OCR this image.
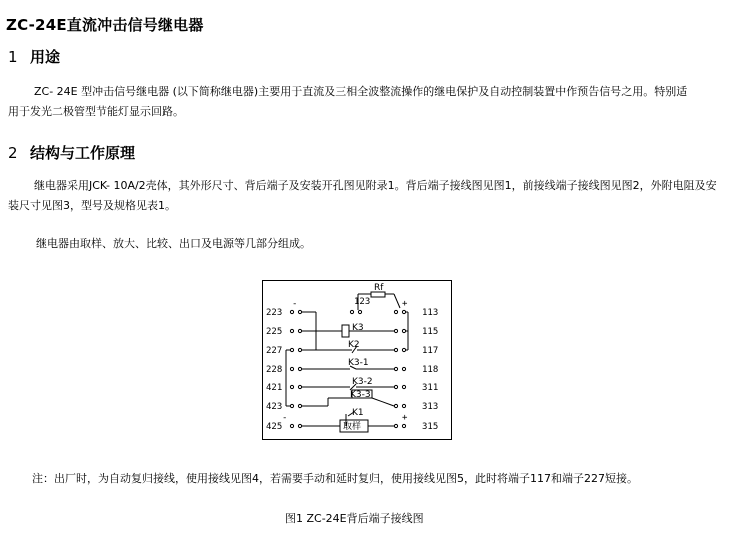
ZC-24E直流冲击信号继电器
1 用途
ZC- 24E 型冲击信号继电器 (以下简称继电器)主要用于直流及三相全波整流操作的继电保护及自动控制装置中作预告信号之用。特别适用于发光二极管型节能灯显示回路。
2 结构与工作原理
继电器采用JCK- 10A/2壳体，其外形尺寸、背后端子及安装开孔图见附录1。背后端子接线图见图1，前接线端子接线图见图2，外附电阻及安装尺寸见图3，型号及规格见表1。
继电器由取样、放大、比较、出口及电源等几部分组成。
-	123
Rf
+
223
225
227
228
421
423
425
113
115
117
118
311
313
315
K3
K2
K3-1
K3-2
K3-3
-	+
K1
取样
注：出厂时，为自动复归接线，使用接线见图4，若需要手动和延时复归，使用接线见图5，此时将端子117和端子227短接。
图1 ZC-24E背后端子接线图
